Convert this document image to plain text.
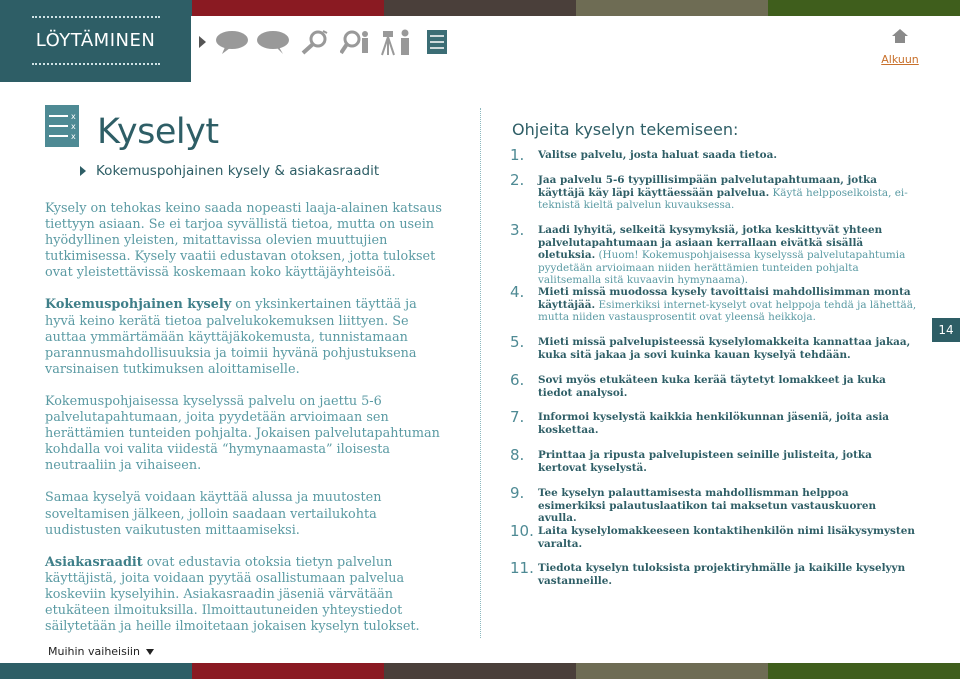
LÖYTÄMINEN

Alkuun
x
x
x Kyselyt
Kokemuspohjainen kysely & asiakasraadit

Kysely on tehokas keino saada nopeasti laaja-alainen katsaus tiettyyn asiaan. Se ei tarjoa syvällistä tietoa, mutta on usein hyödyllinen yleisten, mitattavissa olevien muuttujien tutkimisessa. Kysely vaatii edustavan otoksen, jotta tulokset ovat yleistettävissä koskemaan koko käyttäjäyhteisöä.

Kokemuspohjainen kysely on yksinkertainen täyttää ja hyvä keino kerätä tietoa palvelukokemuksen liittyen. Se auttaa ymmärtämään käyttäjäkokemusta, tunnistamaan parannusmahdollisuuksia ja toimii hyvänä pohjustuksena varsinaisen tutkimuksen aloittamiselle.

Kokemuspohjaisessa kyselyssä palvelu on jaettu 5-6 palvelutapahtumaan, joita pyydetään arvioimaan sen herättämien tunteiden pohjalta. Jokaisen palvelutapahtuman kohdalla voi valita viidestä “hymynaamasta” iloisesta neutraaliin ja vihaiseen.

Samaa kyselyä voidaan käyttää alussa ja muutosten soveltamisen jälkeen, jolloin saadaan vertailukohta uudistusten vaikutusten mittaamiseksi.

Asiakasraadit ovat edustavia otoksia tietyn palvelun käyttäjistä, joita voidaan pyytää osallistumaan palvelua koskeviin kyselyihin. Asiakasraadin jäseniä värvätään etukäteen ilmoituksilla. Ilmoittautuneiden yhteystiedot säilytetään ja heille ilmoitetaan jokaisen kyselyn tulokset.

Ohjeita kyselyn tekemiseen:
1.	Valitse palvelu, josta haluat saada tietoa.
2.	Jaa palvelu 5-6 tyypillisimpään palvelutapahtumaan, jotka käyttäjä käy läpi käyttäessään palvelua. Käytä helpposelkoista, ei-teknistä kieltä palvelun kuvauksessa.
3.	Laadi lyhyitä, selkeitä kysymyksiä, jotka keskittyvät yhteen palvelutapahtumaan ja asiaan kerrallaan eivätkä sisällä oletuksia. (Huom! Kokemuspohjaisessa kyselyssä palvelutapahtumia pyydetään arvioimaan niiden herättämien tunteiden pohjalta valitsemalla sitä kuvaavin hymynaama).
4.	Mieti missä muodossa kysely tavoittaisi mahdollisimman monta käyttäjää. Esimerkiksi internet-kyselyt ovat helppoja tehdä ja lähettää, mutta niiden vastausprosentit ovat yleensä heikkoja.
5.	Mieti missä palvelupisteessä kyselylomakkeita kannattaa jakaa, kuka sitä jakaa ja sovi kuinka kauan kyselyä tehdään.
6.	Sovi myös etukäteen kuka kerää täytetyt lomakkeet ja kuka tiedot analysoi.
7.	Informoi kyselystä kaikkia henkilökunnan jäseniä, joita asia koskettaa.
8.	Printtaa ja ripusta palvelupisteen seinille julisteita, jotka kertovat kyselystä.
9.	Tee kyselyn palauttamisesta mahdollismman helppoa esimerkiksi palautuslaatikon tai maksetun vastauskuoren avulla.
10. Laita kyselylomakkeeseen kontaktihenkilön nimi lisäkysymysten varalta.
11. Tiedota kyselyn tuloksista projektiryhmälle ja kaikille kyselyyn vastanneille.
14
Muihin vaiheisiin
